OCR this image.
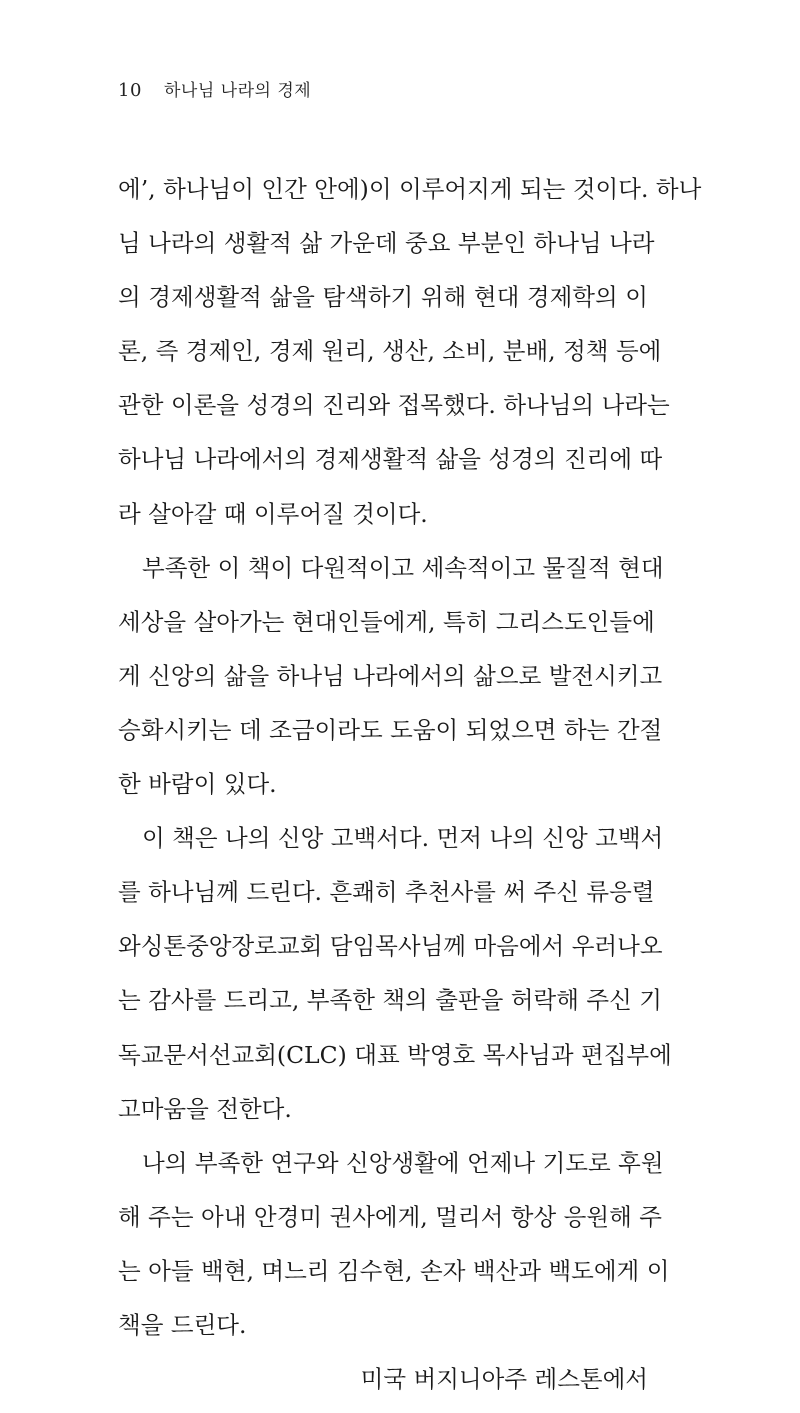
10 하나님 나라의 경제
에’, 하나님이 인간 안에)이 이루어지게 되는 것이다. 하나
님 나라의 생활적 삶 가운데 중요 부분인 하나님 나라
의 경제생활적 삶을 탐색하기 위해 현대 경제학의 이
론, 즉 경제인, 경제 원리, 생산, 소비, 분배, 정책 등에
관한 이론을 성경의 진리와 접목했다. 하나님의 나라는
하나님 나라에서의 경제생활적 삶을 성경의 진리에 따
라 살아갈 때 이루어질 것이다.
부족한 이 책이 다원적이고 세속적이고 물질적 현대
세상을 살아가는 현대인들에게, 특히 그리스도인들에
게 신앙의 삶을 하나님 나라에서의 삶으로 발전시키고
승화시키는 데 조금이라도 도움이 되었으면 하는 간절
한 바람이 있다.
이 책은 나의 신앙 고백서다. 먼저 나의 신앙 고백서
를 하나님께 드린다. 흔쾌히 추천사를 써 주신 류응렬
와싱톤중앙장로교회 담임목사님께 마음에서 우러나오
는 감사를 드리고, 부족한 책의 출판을 허락해 주신 기
독교문서선교회(CLC) 대표 박영호 목사님과 편집부에
고마움을 전한다.
나의 부족한 연구와 신앙생활에 언제나 기도로 후원
해 주는 아내 안경미 권사에게, 멀리서 항상 응원해 주
는 아들 백현, 며느리 김수현, 손자 백산과 백도에게 이
책을 드린다.
미국 버지니아주 레스톤에서
